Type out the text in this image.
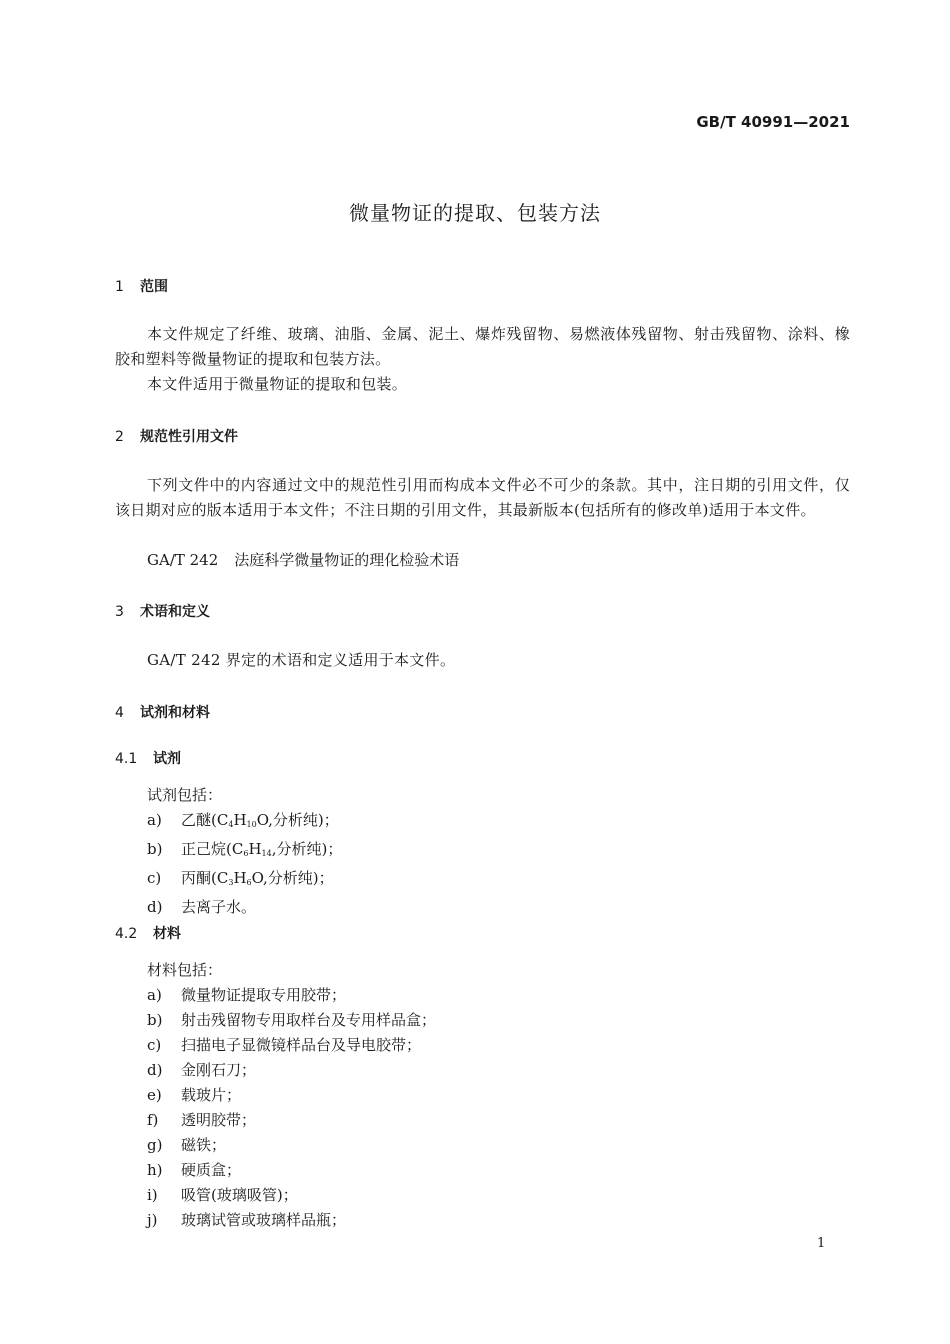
GB/T 40991—2021
微量物证的提取、包装方法
1 范围
本文件规定了纤维、玻璃、油脂、金属、泥土、爆炸残留物、易燃液体残留物、射击残留物、涂料、橡胶和塑料等微量物证的提取和包装方法。
本文件适用于微量物证的提取和包装。
2 规范性引用文件
下列文件中的内容通过文中的规范性引用而构成本文件必不可少的条款。其中，注日期的引用文件，仅该日期对应的版本适用于本文件；不注日期的引用文件，其最新版本(包括所有的修改单)适用于本文件。
GA/T 242 法庭科学微量物证的理化检验术语
3 术语和定义
GA/T 242 界定的术语和定义适用于本文件。
4 试剂和材料
4.1 试剂
试剂包括：
a)	乙醚($C_4H_{10}O$,分析纯)；
b)	正己烷($C_6H_{14}$,分析纯)；
c)	丙酮($C_3H_6O$,分析纯)；
d)	去离子水。
4.2 材料
材料包括：
a)	微量物证提取专用胶带；
b)	射击残留物专用取样台及专用样品盒；
c)	扫描电子显微镜样品台及导电胶带；
d)	金刚石刀；
e)	载玻片；
f)	透明胶带；
g)	磁铁；
h)	硬质盒；
i)	吸管(玻璃吸管)；
j)	玻璃试管或玻璃样品瓶；
1
